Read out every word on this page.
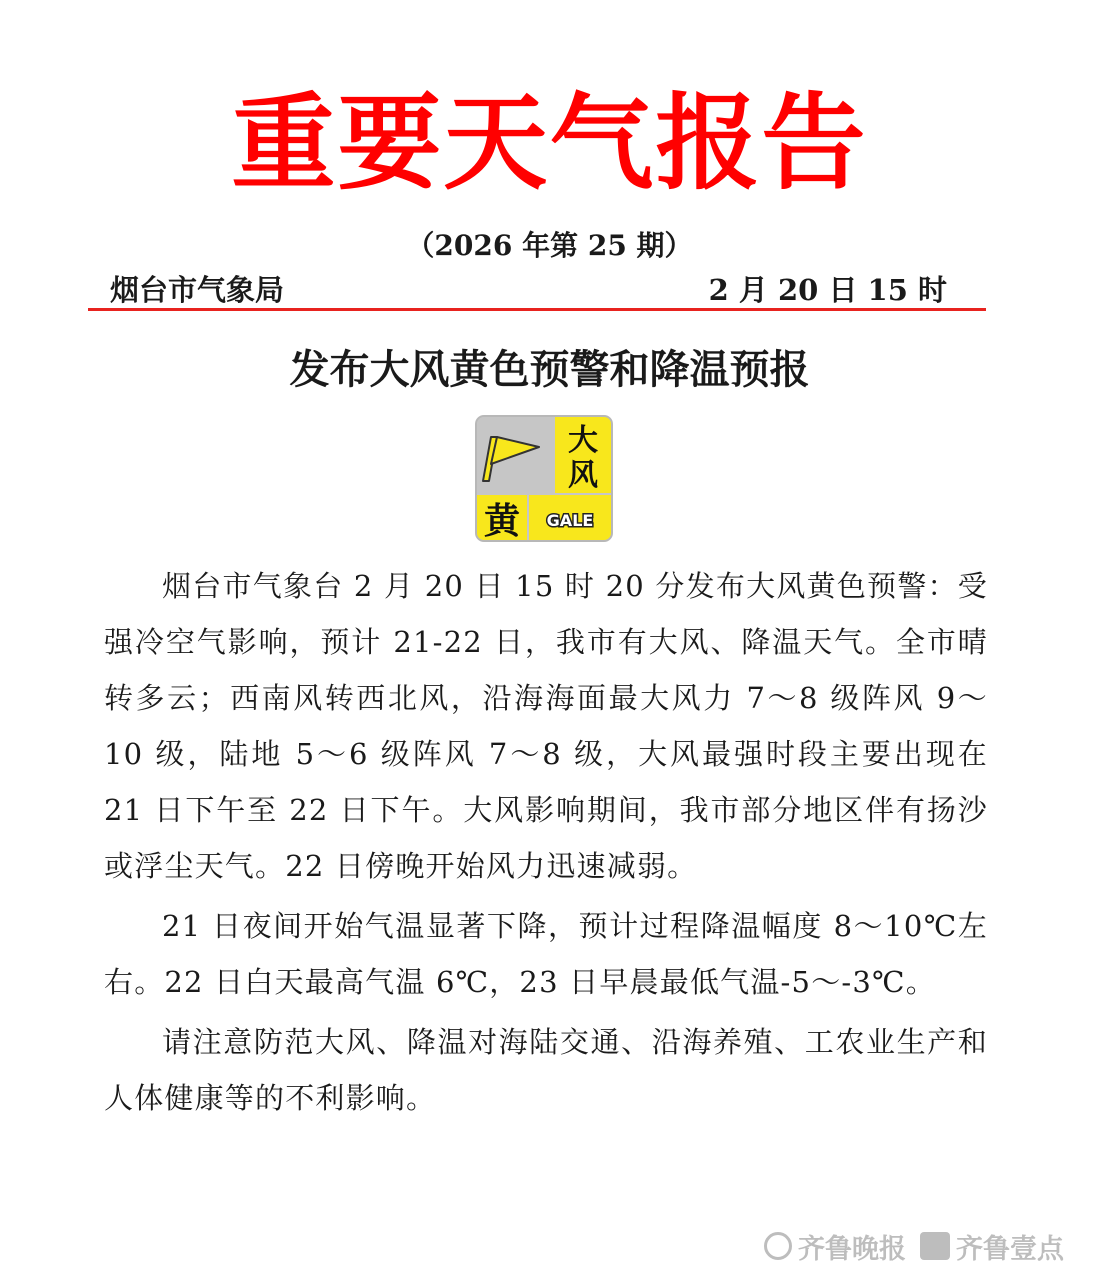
重要天气报告
（2026 年第 25 期）
烟台市气象局	2 月 20 日 15 时
发布大风黄色预警和降温预报
大
风
黄 GALE

烟台市气象台 2 月 20 日 15 时 20 分发布大风黄色预警：受强冷空气影响，预计 21-22 日，我市有大风、降温天气。全市晴转多云；西南风转西北风，沿海海面最大风力 7～8 级阵风 9～10 级，陆地 5～6 级阵风 7～8 级，大风最强时段主要出现在 21 日下午至 22 日下午。大风影响期间，我市部分地区伴有扬沙或浮尘天气。22 日傍晚开始风力迅速减弱。

21 日夜间开始气温显著下降，预计过程降温幅度 8～10℃左右。22 日白天最高气温 6℃，23 日早晨最低气温-5～-3℃。

请注意防范大风、降温对海陆交通、沿海养殖、工农业生产和人体健康等的不利影响。

齐鲁晚报 齐鲁壹点
